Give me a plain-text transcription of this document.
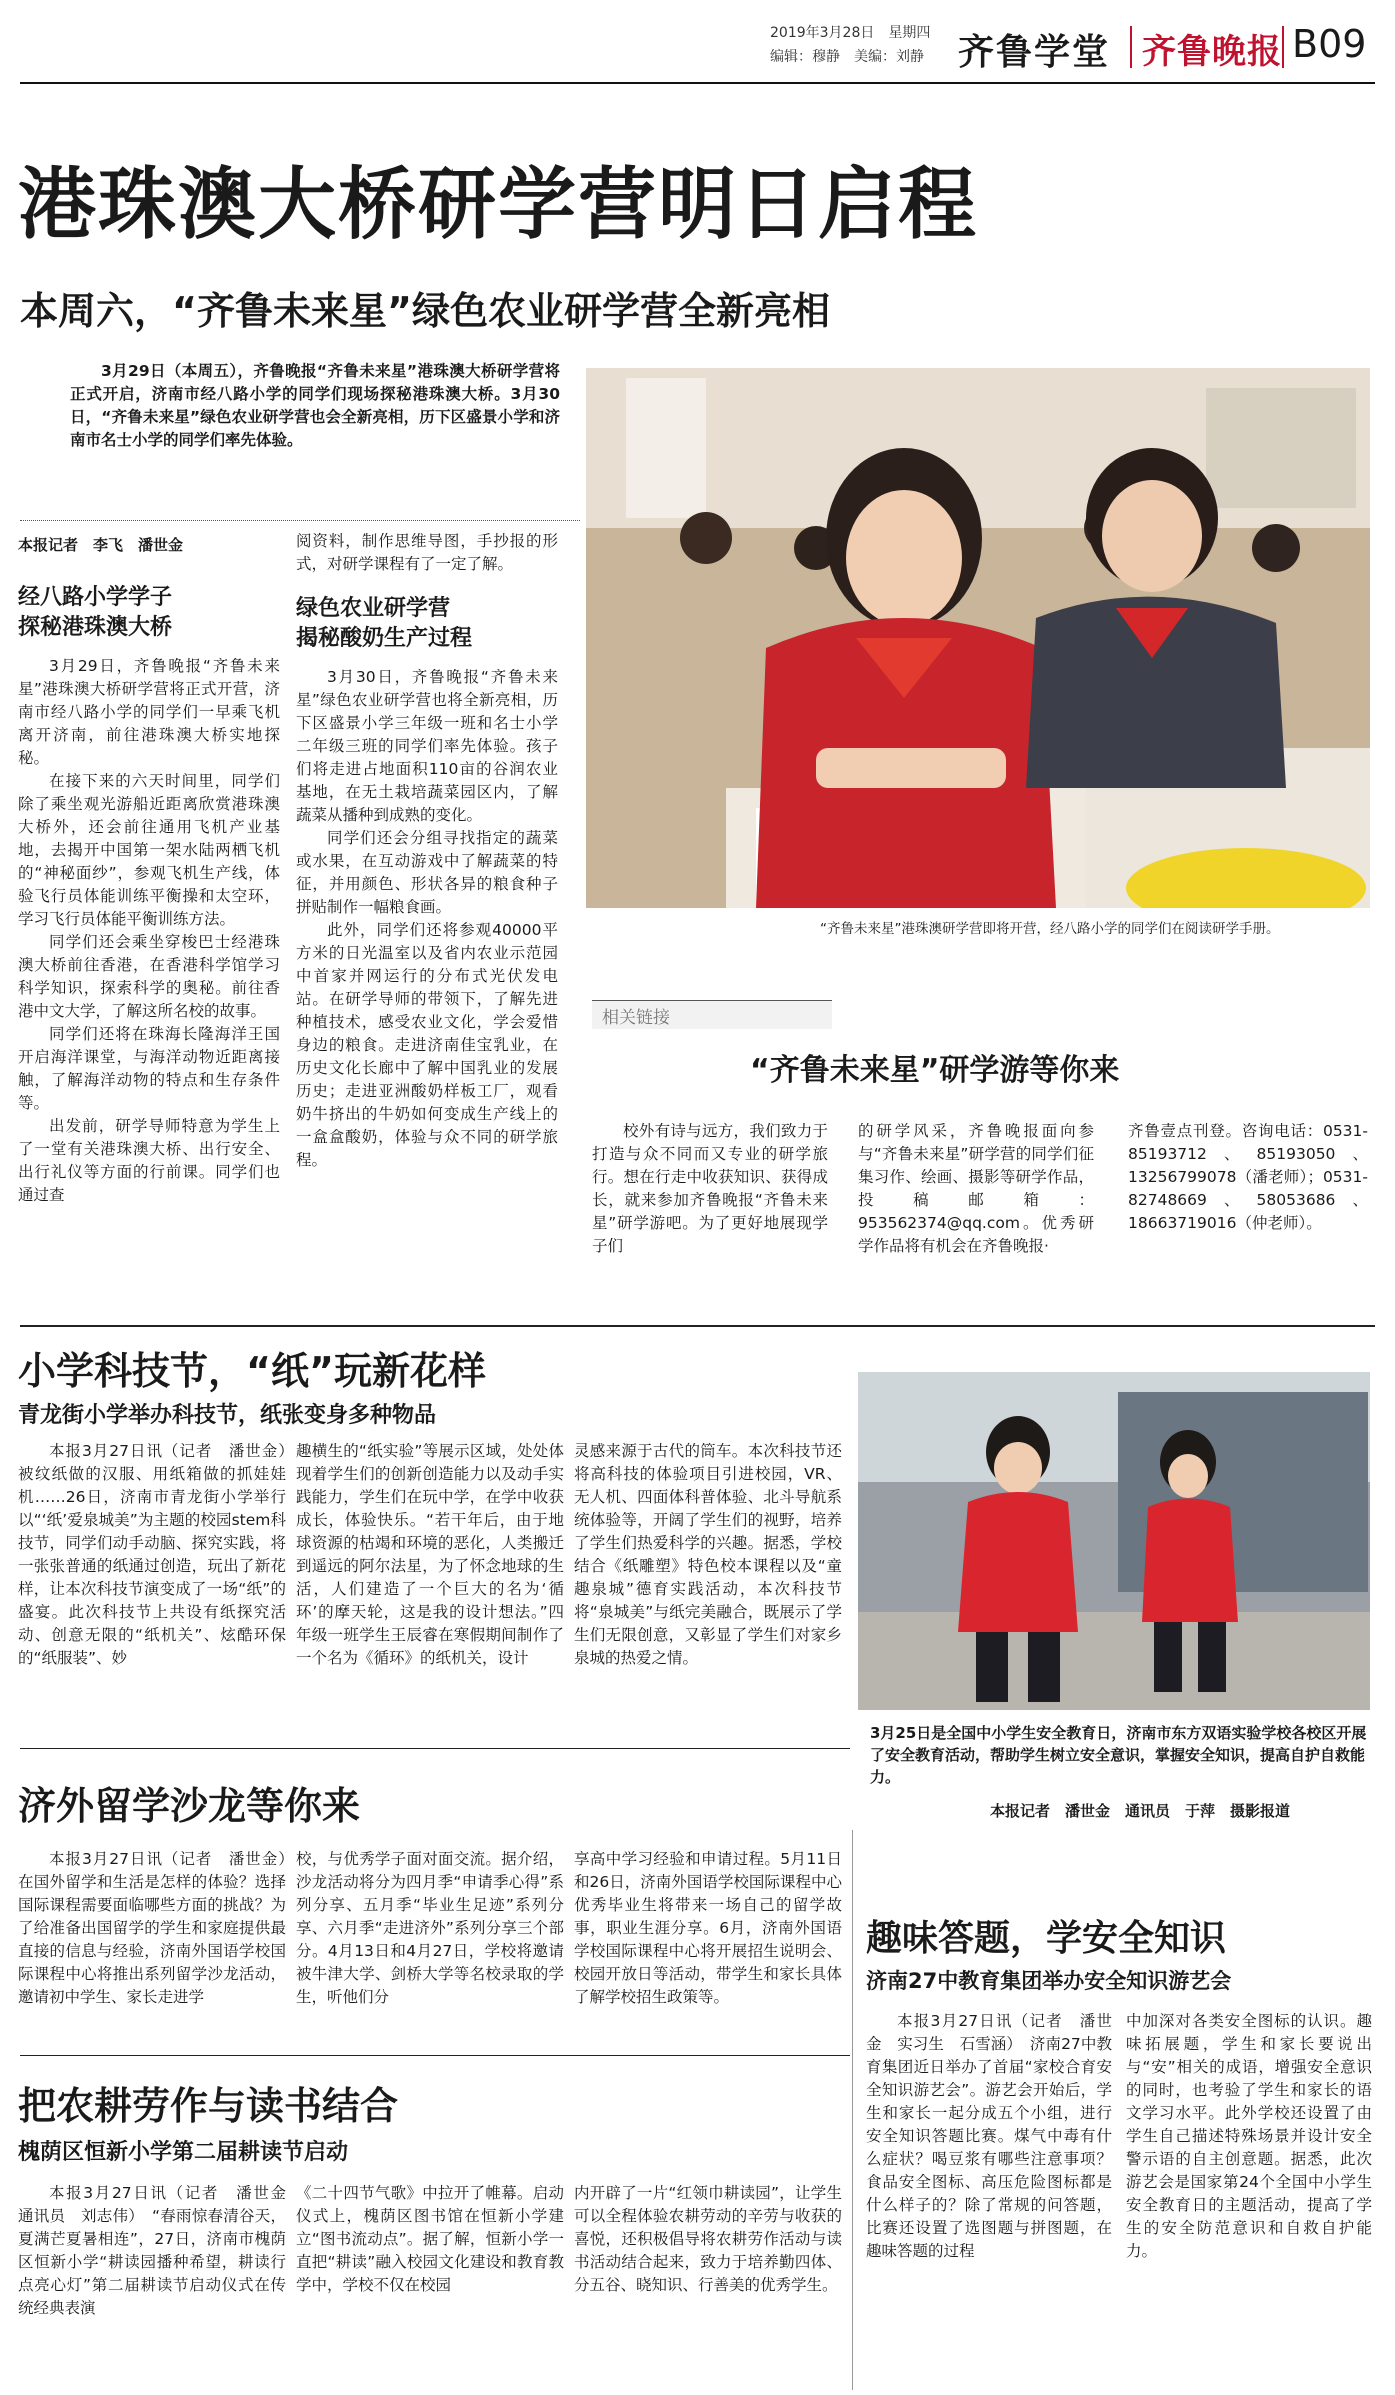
2019年3月28日　星期四
编辑：穆静　美编：刘静 齐鲁学堂 齐鲁晚报 B09
港珠澳大桥研学营明日启程
本周六，“齐鲁未来星”绿色农业研学营全新亮相

3月29日（本周五），齐鲁晚报“齐鲁未来星”港珠澳大桥研学营将正式开启，济南市经八路小学的同学们现场探秘港珠澳大桥。3月30日，“齐鲁未来星”绿色农业研学营也会全新亮相，历下区盛景小学和济南市名士小学的同学们率先体验。

本报记者　李飞　潘世金

经八路小学学子
探秘港珠澳大桥

3月29日，齐鲁晚报“齐鲁未来星”港珠澳大桥研学营将正式开营，济南市经八路小学的同学们一早乘飞机离开济南，前往港珠澳大桥实地探秘。

在接下来的六天时间里，同学们除了乘坐观光游船近距离欣赏港珠澳大桥外，还会前往通用飞机产业基地，去揭开中国第一架水陆两栖飞机的“神秘面纱”，参观飞机生产线，体验飞行员体能训练平衡操和太空环，学习飞行员体能平衡训练方法。

同学们还会乘坐穿梭巴士经港珠澳大桥前往香港，在香港科学馆学习科学知识，探索科学的奥秘。前往香港中文大学，了解这所名校的故事。

同学们还将在珠海长隆海洋王国开启海洋课堂，与海洋动物近距离接触，了解海洋动物的特点和生存条件等。

出发前，研学导师特意为学生上了一堂有关港珠澳大桥、出行安全、出行礼仪等方面的行前课。同学们也通过查

阅资料，制作思维导图，手抄报的形式，对研学课程有了一定了解。

绿色农业研学营
揭秘酸奶生产过程

3月30日，齐鲁晚报“齐鲁未来星”绿色农业研学营也将全新亮相，历下区盛景小学三年级一班和名士小学二年级三班的同学们率先体验。孩子们将走进占地面积110亩的谷润农业基地，在无土栽培蔬菜园区内，了解蔬菜从播种到成熟的变化。

同学们还会分组寻找指定的蔬菜或水果，在互动游戏中了解蔬菜的特征，并用颜色、形状各异的粮食种子拼贴制作一幅粮食画。

此外，同学们还将参观40000平方米的日光温室以及省内农业示范园中首家并网运行的分布式光伏发电站。在研学导师的带领下，了解先进种植技术，感受农业文化，学会爱惜身边的粮食。走进济南佳宝乳业，在历史文化长廊中了解中国乳业的发展历史；走进亚洲酸奶样板工厂，观看奶牛挤出的牛奶如何变成生产线上的一盒盒酸奶，体验与众不同的研学旅程。

“齐鲁未来星”港珠澳研学营即将开营，经八路小学的同学们在阅读研学手册。
相关链接
“齐鲁未来星”研学游等你来

校外有诗与远方，我们致力于打造与众不同而又专业的研学旅行。想在行走中收获知识、获得成长，就来参加齐鲁晚报“齐鲁未来星”研学游吧。为了更好地展现学子们

的研学风采，齐鲁晚报面向参与“齐鲁未来星”研学营的同学们征集习作、绘画、摄影等研学作品，投稿邮箱：953562374@qq.com。优秀研学作品将有机会在齐鲁晚报·

齐鲁壹点刊登。咨询电话：0531-85193712、85193050、13256799078（潘老师）；0531-82748669、58053686、18663719016（仲老师）。

小学科技节，“纸”玩新花样
青龙街小学举办科技节，纸张变身多种物品

本报3月27日讯（记者　潘世金）　被纹纸做的汉服、用纸箱做的抓娃娃机……26日，济南市青龙街小学举行以“‘纸’爱泉城美”为主题的校园stem科技节，同学们动手动脑、探究实践，将一张张普通的纸通过创造，玩出了新花样，让本次科技节演变成了一场“纸”的盛宴。此次科技节上共设有纸探究活动、创意无限的“纸机关”、炫酷环保的“纸服装”、妙

趣横生的“纸实验”等展示区域，处处体现着学生们的创新创造能力以及动手实践能力，学生们在玩中学，在学中收获成长，体验快乐。“若干年后，由于地球资源的枯竭和环境的恶化，人类搬迁到遥远的阿尔法星，为了怀念地球的生活，人们建造了一个巨大的名为‘循环’的摩天轮，这是我的设计想法。”四年级一班学生王辰睿在寒假期间制作了一个名为《循环》的纸机关，设计

灵感来源于古代的筒车。本次科技节还将高科技的体验项目引进校园，VR、无人机、四面体科普体验、北斗导航系统体验等，开阔了学生们的视野，培养了学生们热爱科学的兴趣。据悉，学校结合《纸雕塑》特色校本课程以及“童趣泉城”德育实践活动，本次科技节将“泉城美”与纸完美融合，既展示了学生们无限创意，又彰显了学生们对家乡泉城的热爱之情。

3月25日是全国中小学生安全教育日，济南市东方双语实验学校各校区开展了安全教育活动，帮助学生树立安全意识，掌握安全知识，提高自护自救能力。
本报记者　潘世金　通讯员　于萍　摄影报道
济外留学沙龙等你来

本报3月27日讯（记者　潘世金）　在国外留学和生活是怎样的体验？选择国际课程需要面临哪些方面的挑战？为了给准备出国留学的学生和家庭提供最直接的信息与经验，济南外国语学校国际课程中心将推出系列留学沙龙活动，邀请初中学生、家长走进学

校，与优秀学子面对面交流。据介绍，沙龙活动将分为四月季“申请季心得”系列分享、五月季“毕业生足迹”系列分享、六月季“走进济外”系列分享三个部分。4月13日和4月27日，学校将邀请被牛津大学、剑桥大学等名校录取的学生，听他们分

享高中学习经验和申请过程。5月11日和26日，济南外国语学校国际课程中心优秀毕业生将带来一场自己的留学故事，职业生涯分享。6月，济南外国语学校国际课程中心将开展招生说明会、校园开放日等活动，带学生和家长具体了解学校招生政策等。

把农耕劳作与读书结合
槐荫区恒新小学第二届耕读节启动

本报3月27日讯（记者　潘世金　通讯员　刘志伟）　“春雨惊春清谷天，夏满芒夏暑相连”，27日，济南市槐荫区恒新小学“耕读园播种希望，耕读行点亮心灯”第二届耕读节启动仪式在传统经典表演

《二十四节气歌》中拉开了帷幕。启动仪式上，槐荫区图书馆在恒新小学建立“图书流动点”。据了解，恒新小学一直把“耕读”融入校园文化建设和教育教学中，学校不仅在校园

内开辟了一片“红领巾耕读园”，让学生可以全程体验农耕劳动的辛劳与收获的喜悦，还积极倡导将农耕劳作活动与读书活动结合起来，致力于培养勤四体、分五谷、晓知识、行善美的优秀学生。

趣味答题，学安全知识
济南27中教育集团举办安全知识游艺会

本报3月27日讯（记者　潘世金　实习生　石雪涵）　济南27中教育集团近日举办了首届“家校合育安全知识游艺会”。游艺会开始后，学生和家长一起分成五个小组，进行安全知识答题比赛。煤气中毒有什么症状？喝豆浆有哪些注意事项？食品安全图标、高压危险图标都是什么样子的？除了常规的问答题，比赛还设置了选图题与拼图题，在趣味答题的过程

中加深对各类安全图标的认识。趣味拓展题，学生和家长要说出与“安”相关的成语，增强安全意识的同时，也考验了学生和家长的语文学习水平。此外学校还设置了由学生自己描述特殊场景并设计安全警示语的自主创意题。据悉，此次游艺会是国家第24个全国中小学生安全教育日的主题活动，提高了学生的安全防范意识和自救自护能力。
